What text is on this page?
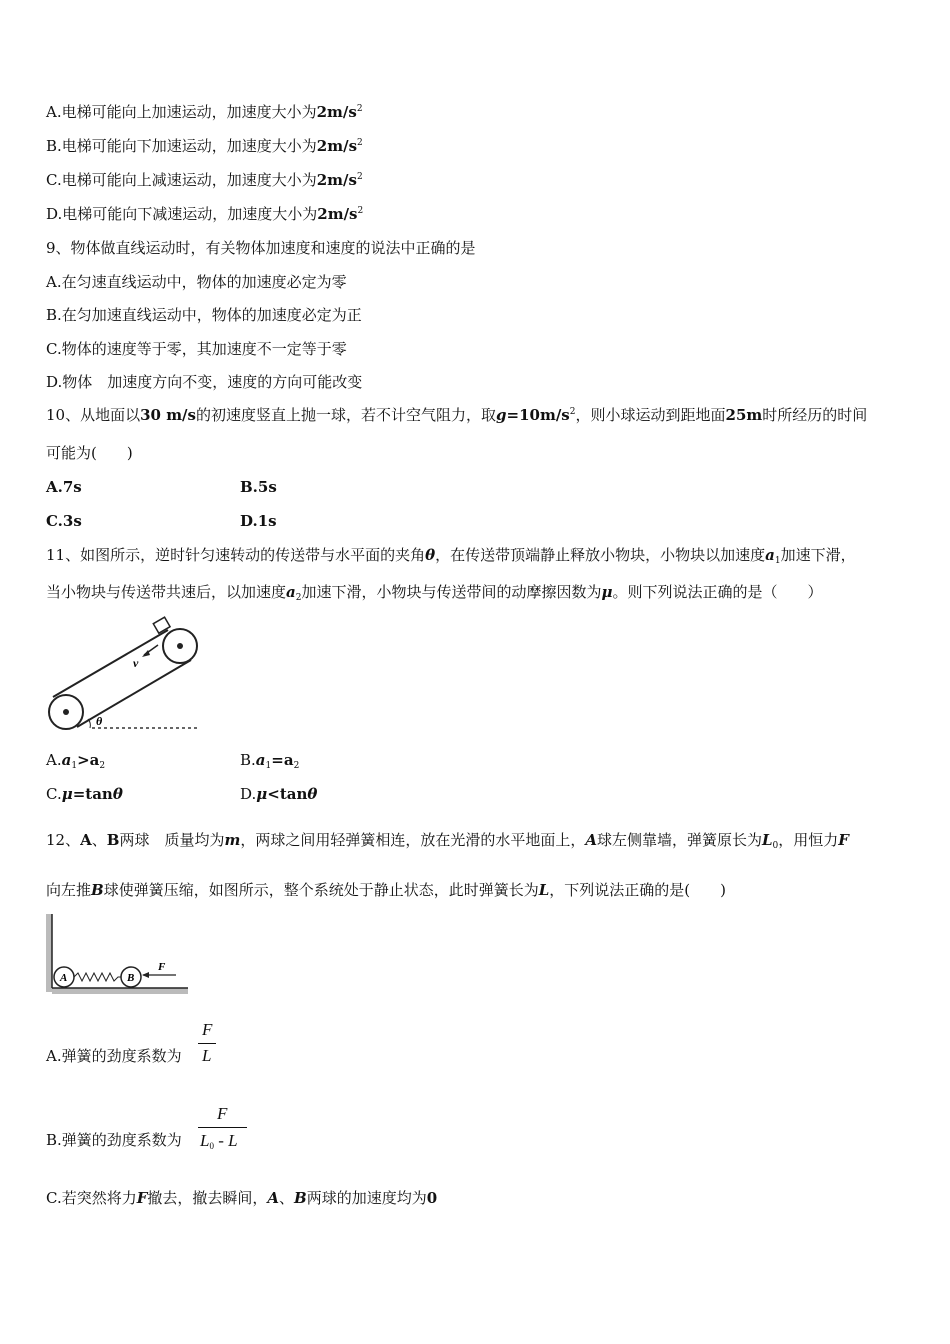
A.电梯可能向上加速运动，加速度大小为$2m/s^2$
B.电梯可能向下加速运动，加速度大小为$2m/s^2$
C.电梯可能向上减速运动，加速度大小为$2m/s^2$
D.电梯可能向下减速运动，加速度大小为$2m/s^2$
9、物体做直线运动时，有关物体加速度和速度的说法中正确的是
A.在匀速直线运动中，物体的加速度必定为零
B.在匀加速直线运动中，物体的加速度必定为正
C.物体的速度等于零，其加速度不一定等于零
D.物体　加速度方向不变，速度的方向可能改变
10、从地面以30 m/s的初速度竖直上抛一球，若不计空气阻力，取$g=10m/s^2$，则小球运动到距地面25m时所经历的时间
可能为(　　)
A.7s	B.5s
C.3s	D.1s
11、如图所示，逆时针匀速转动的传送带与水平面的夹角θ，在传送带顶端静止释放小物块，小物块以加速度$a_1$加速下滑，
当小物块与传送带共速后，以加速度$a_2$加速下滑，小物块与传送带间的动摩擦因数为μ。则下列说法正确的是（　　）
v
θ
$A.a_1>a_2$	$B.a_1=a_2$
C.μ=tanθ	D.μ<tanθ
12、A、B两球　质量均为m，两球之间用轻弹簧相连，放在光滑的水平地面上，A球左侧靠墙，弹簧原长为$L_0$，用恒力F
向左推B球使弹簧压缩，如图所示，整个系统处于静止状态，此时弹簧长为L，下列说法正确的是(　　)
A	B
F
A.弹簧的劲度系数为
F
L
B.弹簧的劲度系数为
F
$L_0$ - L
C.若突然将力F撤去，撤去瞬间，A、B两球的加速度均为0
